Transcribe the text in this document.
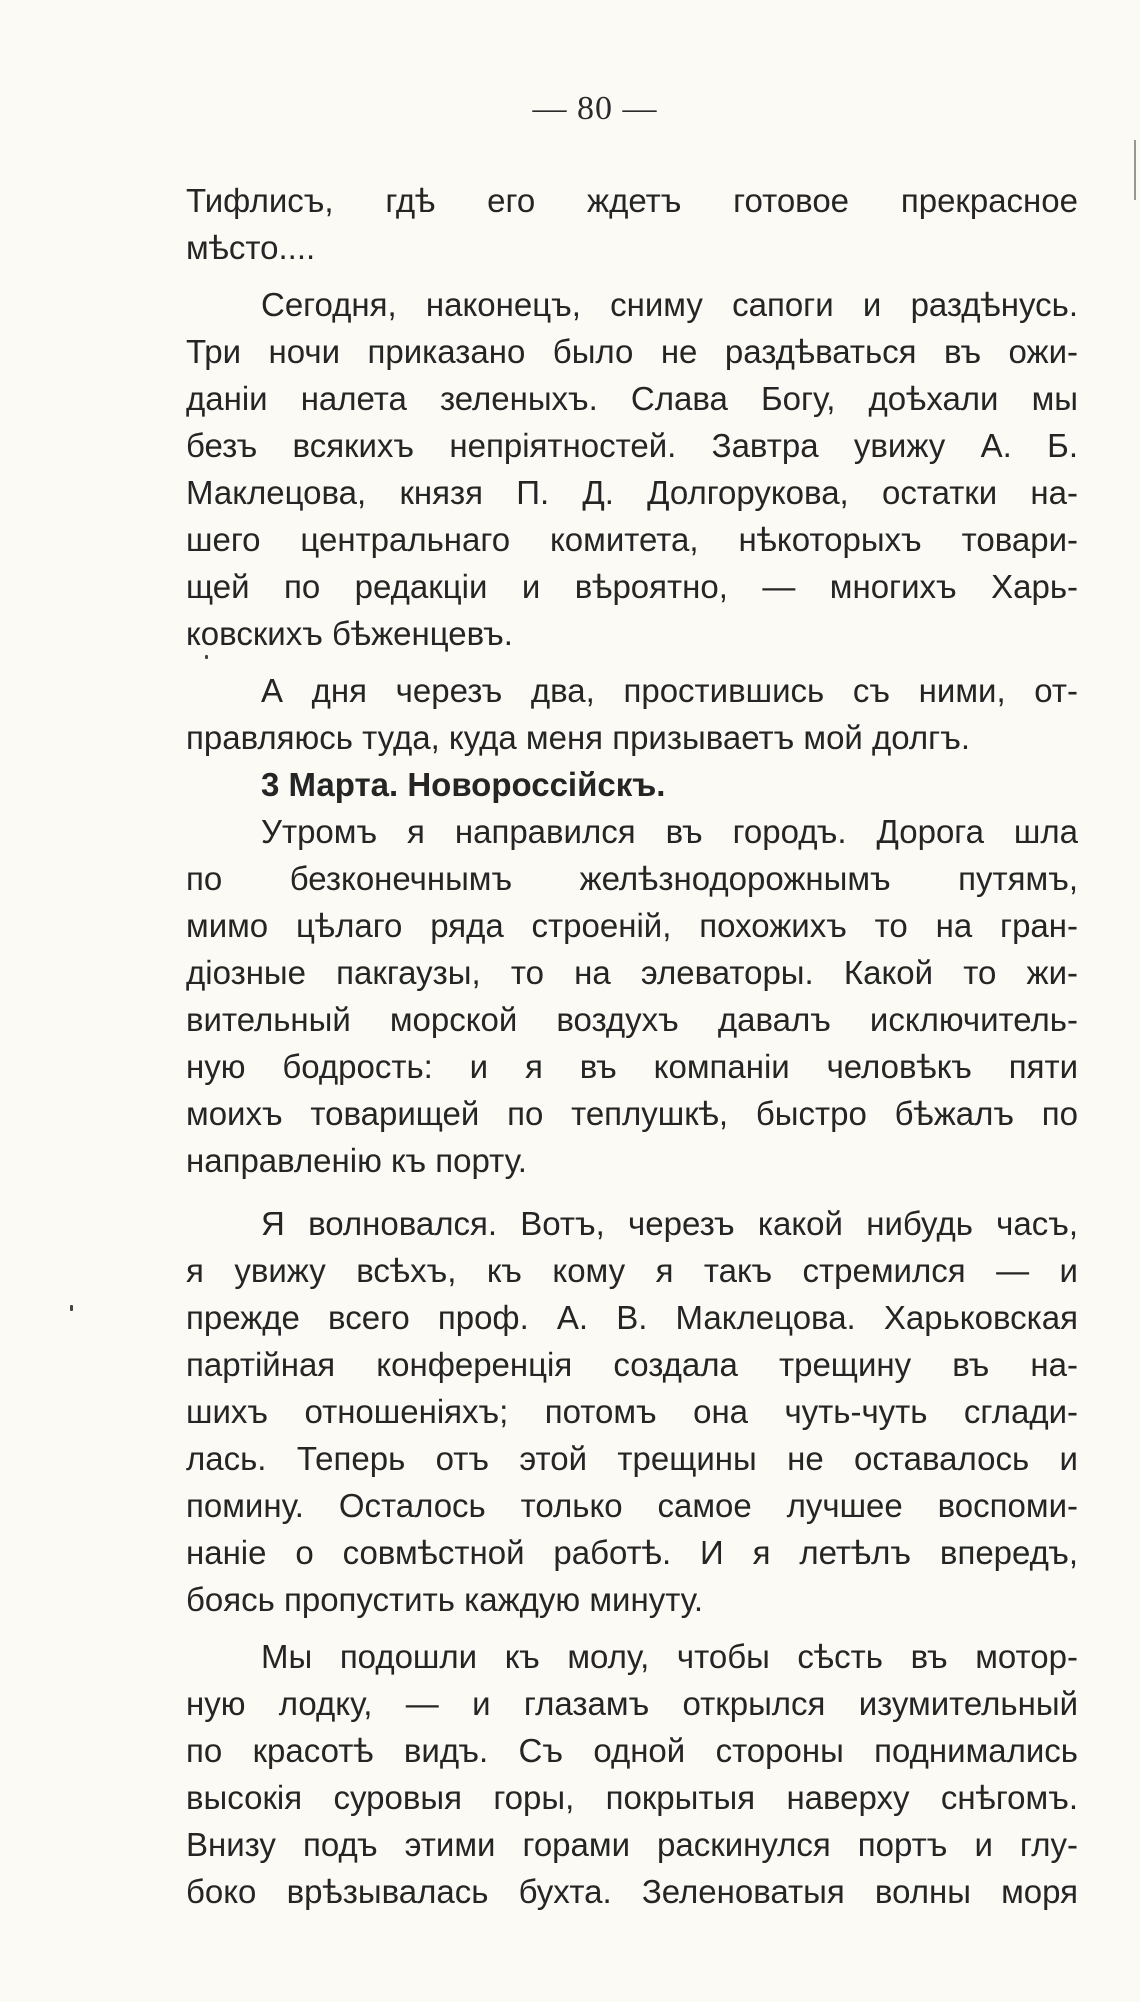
— 80 —
Тифлисъ, гдѣ его ждетъ готовое прекрасное
мѣсто....
Сегодня, наконецъ, сниму сапоги и раздѣнусь.
Три ночи приказано было не раздѣваться въ ожи-
даніи налета зеленыхъ. Слава Богу, доѣхали мы
безъ всякихъ непріятностей. Завтра увижу А. Б.
Маклецова, князя П. Д. Долгорукова, остатки на-
шего центральнаго комитета, нѣкоторыхъ товари-
щей по редакціи и вѣроятно, — многихъ Харь-
ковскихъ бѣженцевъ.
А дня черезъ два, простившись съ ними, от-
правляюсь туда, куда меня призываетъ мой долгъ.
3 Марта. Новороссійскъ.
Утромъ я направился въ городъ. Дорога шла
по безконечнымъ желѣзнодорожнымъ путямъ,
мимо цѣлаго ряда строеній, похожихъ то на гран-
діозные пакгаузы, то на элеваторы. Какой то жи-
вительный морской воздухъ давалъ исключитель-
ную бодрость: и я въ компаніи человѣкъ пяти
моихъ товарищей по теплушкѣ, быстро бѣжалъ по
направленію къ порту.
Я волновался. Вотъ, черезъ какой нибудь часъ,
я увижу всѣхъ, къ кому я такъ стремился — и
прежде всего проф. А. В. Маклецова. Харьковская
партійная конференція создала трещину въ на-
шихъ отношеніяхъ; потомъ она чуть-чуть сглади-
лась. Теперь отъ этой трещины не оставалось и
помину. Осталось только самое лучшее воспоми-
наніе о совмѣстной работѣ. И я летѣлъ впередъ,
боясь пропустить каждую минуту.
Мы подошли къ молу, чтобы сѣсть въ мотор-
ную лодку, — и глазамъ открылся изумительный
по красотѣ видъ. Съ одной стороны поднимались
высокія суровыя горы, покрытыя наверху снѣгомъ.
Внизу подъ этими горами раскинулся портъ и глу-
боко врѣзывалась бухта. Зеленоватыя волны моря
